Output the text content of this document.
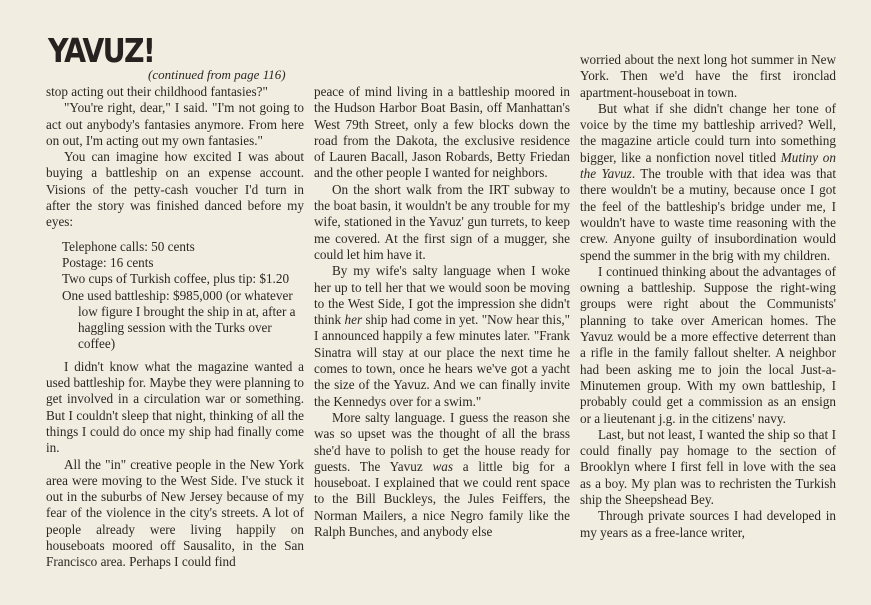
YAVUZ!
(continued from page 116)

stop acting out their childhood fantasies?"

"You're right, dear," I said. "I'm not going to act out anybody's fantasies anymore. From here on out, I'm acting out my own fantasies."

You can imagine how excited I was about buying a battleship on an expense account. Visions of the petty-cash voucher I'd turn in after the story was finished danced before my eyes:

Telephone calls: 50 cents
Postage: 16 cents
Two cups of Turkish coffee, plus tip: $1.20
One used battleship: $985,000 (or whatever low figure I brought the ship in at, after a haggling session with the Turks over coffee)

I didn't know what the magazine wanted a used battleship for. Maybe they were planning to get involved in a circulation war or something. But I couldn't sleep that night, thinking of all the things I could do once my ship had finally come in.

All the "in" creative people in the New York area were moving to the West Side. I've stuck it out in the suburbs of New Jersey because of my fear of the violence in the city's streets. A lot of people already were living happily on houseboats moored off Sausalito, in the San Francisco area. Perhaps I could find

peace of mind living in a battleship moored in the Hudson Harbor Boat Basin, off Manhattan's West 79th Street, only a few blocks down the road from the Dakota, the exclusive residence of Lauren Bacall, Jason Robards, Betty Friedan and the other people I wanted for neighbors.

On the short walk from the IRT subway to the boat basin, it wouldn't be any trouble for my wife, stationed in the Yavuz' gun turrets, to keep me covered. At the first sign of a mugger, she could let him have it.

By my wife's salty language when I woke her up to tell her that we would soon be moving to the West Side, I got the impression she didn't think her ship had come in yet. "Now hear this," I announced happily a few minutes later. "Frank Sinatra will stay at our place the next time he comes to town, once he hears we've got a yacht the size of the Yavuz. And we can finally invite the Kennedys over for a swim."

More salty language. I guess the reason she was so upset was the thought of all the brass she'd have to polish to get the house ready for guests. The Yavuz was a little big for a houseboat. I explained that we could rent space to the Bill Buckleys, the Jules Feiffers, the Norman Mailers, a nice Negro family like the Ralph Bunches, and anybody else

worried about the next long hot summer in New York. Then we'd have the first ironclad apartment-houseboat in town.

But what if she didn't change her tone of voice by the time my battleship arrived? Well, the magazine article could turn into something bigger, like a nonfiction novel titled Mutiny on the Yavuz. The trouble with that idea was that there wouldn't be a mutiny, because once I got the feel of the battleship's bridge under me, I wouldn't have to waste time reasoning with the crew. Anyone guilty of insubordination would spend the summer in the brig with my children.

I continued thinking about the advantages of owning a battleship. Suppose the right-wing groups were right about the Communists' planning to take over American homes. The Yavuz would be a more effective deterrent than a rifle in the family fallout shelter. A neighbor had been asking me to join the local Just-a-Minutemen group. With my own battleship, I probably could get a commission as an ensign or a lieutenant j.g. in the citizens' navy.

Last, but not least, I wanted the ship so that I could finally pay homage to the section of Brooklyn where I first fell in love with the sea as a boy. My plan was to rechristen the Turkish ship the Sheepshead Bey.

Through private sources I had developed in my years as a free-lance writer,
